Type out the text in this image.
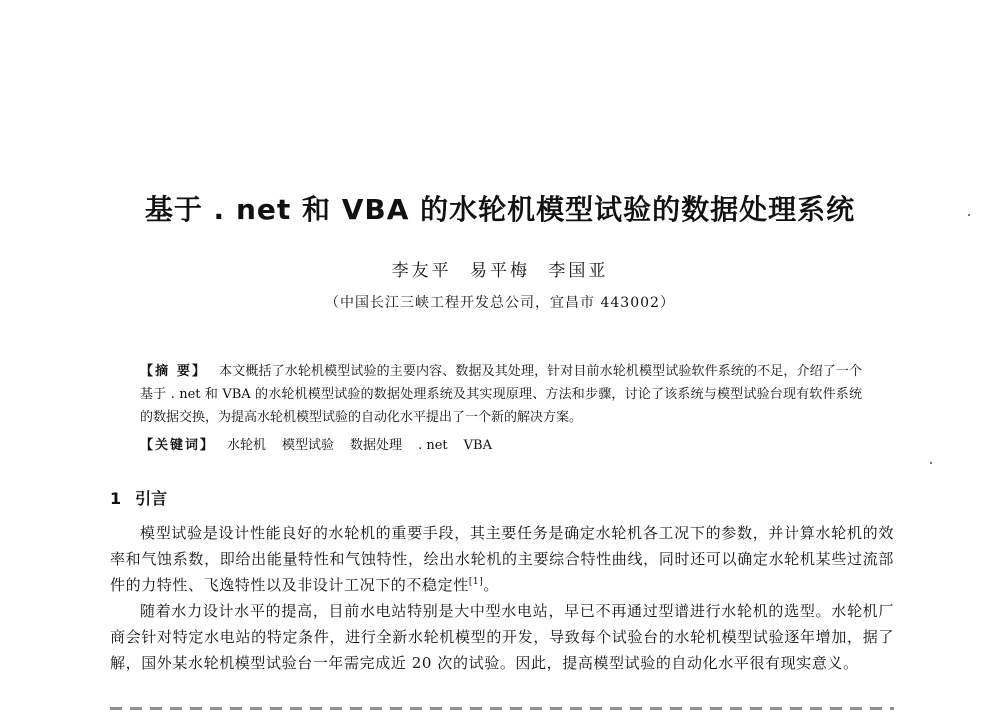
基于 . net 和 VBA 的水轮机模型试验的数据处理系统
李友平 易平梅 李国亚
（中国长江三峡工程开发总公司，宜昌市 443002）
【摘 要】 本文概括了水轮机模型试验的主要内容、数据及其处理，针对目前水轮机模型试验软件系统的不足，介绍了一个基于 . net 和 VBA 的水轮机模型试验的数据处理系统及其实现原理、方法和步骤，讨论了该系统与模型试验台现有软件系统的数据交换，为提高水轮机模型试验的自动化水平提出了一个新的解决方案。
【关键词】 水轮机 模型试验 数据处理 . net VBA
1 引言

模型试验是设计性能良好的水轮机的重要手段，其主要任务是确定水轮机各工况下的参数，并计算水轮机的效率和气蚀系数，即给出能量特性和气蚀特性，绘出水轮机的主要综合特性曲线，同时还可以确定水轮机某些过流部件的力特性、飞逸特性以及非设计工况下的不稳定性[1]。

随着水力设计水平的提高，目前水电站特别是大中型水电站，早已不再通过型谱进行水轮机的选型。水轮机厂商会针对特定水电站的特定条件，进行全新水轮机模型的开发，导致每个试验台的水轮机模型试验逐年增加，据了解，国外某水轮机模型试验台一年需完成近 20 次的试验。因此，提高模型试验的自动化水平很有现实意义。
